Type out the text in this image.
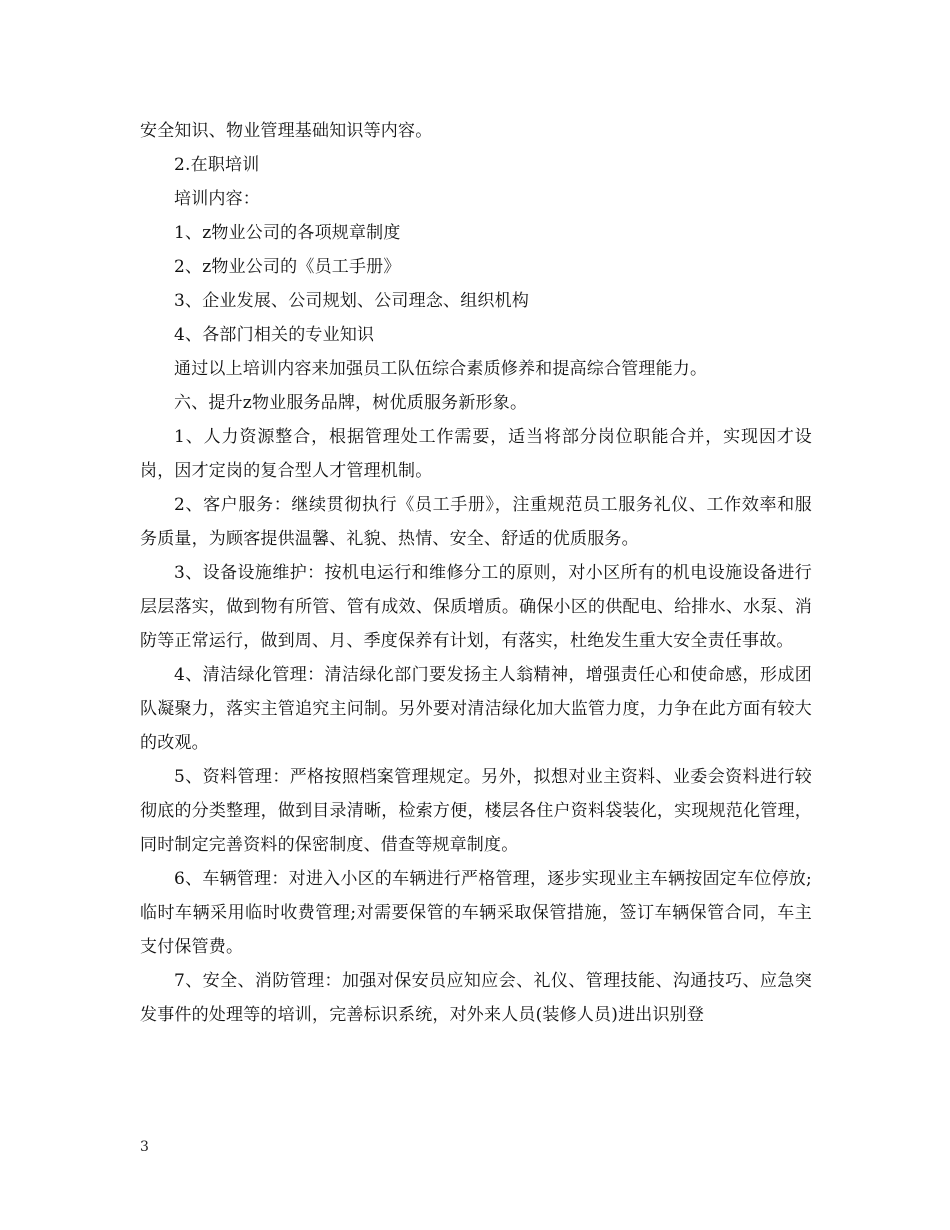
安全知识、物业管理基础知识等内容。

2.在职培训

培训内容：

1、z物业公司的各项规章制度

2、z物业公司的《员工手册》

3、企业发展、公司规划、公司理念、组织机构

4、各部门相关的专业知识

通过以上培训内容来加强员工队伍综合素质修养和提高综合管理能力。

六、提升z物业服务品牌，树优质服务新形象。

1、人力资源整合，根据管理处工作需要，适当将部分岗位职能合并，实现因才设岗，因才定岗的复合型人才管理机制。

2、客户服务：继续贯彻执行《员工手册》，注重规范员工服务礼仪、工作效率和服务质量，为顾客提供温馨、礼貌、热情、安全、舒适的优质服务。

3、设备设施维护：按机电运行和维修分工的原则，对小区所有的机电设施设备进行层层落实，做到物有所管、管有成效、保质增质。确保小区的供配电、给排水、水泵、消防等正常运行，做到周、月、季度保养有计划，有落实，杜绝发生重大安全责任事故。

4、清洁绿化管理：清洁绿化部门要发扬主人翁精神，增强责任心和使命感，形成团队凝聚力，落实主管追究主问制。另外要对清洁绿化加大监管力度，力争在此方面有较大的改观。

5、资料管理：严格按照档案管理规定。另外，拟想对业主资料、业委会资料进行较彻底的分类整理，做到目录清晰，检索方便，楼层各住户资料袋装化，实现规范化管理，同时制定完善资料的保密制度、借查等规章制度。

6、车辆管理：对进入小区的车辆进行严格管理，逐步实现业主车辆按固定车位停放;临时车辆采用临时收费管理;对需要保管的车辆采取保管措施，签订车辆保管合同，车主支付保管费。

7、安全、消防管理：加强对保安员应知应会、礼仪、管理技能、沟通技巧、应急突发事件的处理等的培训，完善标识系统，对外来人员(装修人员)进出识别登

3
